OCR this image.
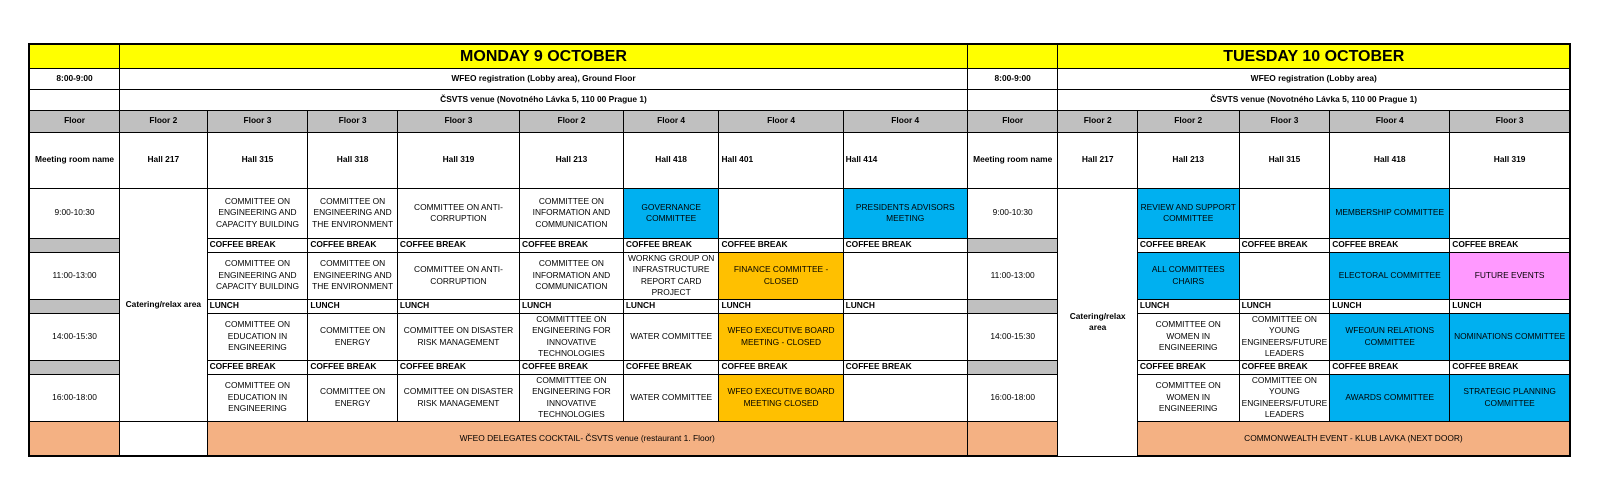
	MONDAY 9 OCTOBER									TUESDAY 10 OCTOBER				
8:00-9:00	WFEO registration (Lobby area), Ground Floor								8:00-9:00	WFEO registration (Lobby area)				
	ČSVTS venue (Novotného Lávka 5, 110 00 Prague 1)									ČSVTS venue (Novotného Lávka 5, 110 00 Prague 1)				
Floor	Floor 2	Floor 3	Floor 3	Floor 3	Floor 2	Floor 4	Floor 4	Floor 4	Floor	Floor 2	Floor 2	Floor 3	Floor 4	Floor 3
Meeting room name	Hall 217	Hall 315	Hall 318	Hall 319	Hall 213	Hall 418	Hall 401	Hall 414	Meeting room name	Hall 217	Hall 213	Hall 315	Hall 418	Hall 319
9:00-10:30	Catering/relax area	COMMITTEE ON ENGINEERING AND CAPACITY BUILDING	COMMITTEE ON ENGINEERING AND THE ENVIRONMENT	COMMITTEE ON ANTI-CORRUPTION	COMMITTEE ON INFORMATION AND COMMUNICATION	GOVERNANCE COMMITTEE		PRESIDENTS ADVISORS MEETING	9:00-10:30	Catering/relax area	REVIEW AND SUPPORT COMMITTEE		MEMBERSHIP COMMITTEE	
		COFFEE BREAK	COFFEE BREAK	COFFEE BREAK	COFFEE BREAK	COFFEE BREAK	COFFEE BREAK	COFFEE BREAK			COFFEE BREAK	COFFEE BREAK	COFFEE BREAK	COFFEE BREAK
11:00-13:00		COMMITTEE ON ENGINEERING AND CAPACITY BUILDING	COMMITTEE ON ENGINEERING AND THE ENVIRONMENT	COMMITTEE ON ANTI-CORRUPTION	COMMITTEE ON INFORMATION AND COMMUNICATION	WORKNG GROUP ON INFRASTRUCTURE REPORT CARD PROJECT	FINANCE COMMITTEE - CLOSED		11:00-13:00		ALL COMMITTEES CHAIRS		ELECTORAL COMMITTEE	FUTURE EVENTS
		LUNCH	LUNCH	LUNCH	LUNCH	LUNCH	LUNCH	LUNCH			LUNCH	LUNCH	LUNCH	LUNCH
14:00-15:30		COMMITTEE ON EDUCATION IN ENGINEERING	COMMITTEE ON ENERGY	COMMITTEE ON DISASTER RISK MANAGEMENT	COMMITTTEE ON ENGINEERING FOR INNOVATIVE TECHNOLOGIES	WATER COMMITTEE	WFEO EXECUTIVE BOARD MEETING - CLOSED		14:00-15:30		COMMITTEE ON WOMEN IN ENGINEERING	COMMITTEE ON YOUNG ENGINEERS/FUTURE LEADERS	WFEO/UN RELATIONS COMMITTEE	NOMINATIONS COMMITTEE
		COFFEE BREAK	COFFEE BREAK	COFFEE BREAK	COFFEE BREAK	COFFEE BREAK	COFFEE BREAK	COFFEE BREAK			COFFEE BREAK	COFFEE BREAK	COFFEE BREAK	COFFEE BREAK
16:00-18:00		COMMITTEE ON EDUCATION IN ENGINEERING	COMMITTEE ON ENERGY	COMMITTEE ON DISASTER RISK MANAGEMENT	COMMITTTEE ON ENGINEERING FOR INNOVATIVE TECHNOLOGIES	WATER COMMITTEE	WFEO EXECUTIVE BOARD MEETING CLOSED		16:00-18:00		COMMITTEE ON WOMEN IN ENGINEERING	COMMITTEE ON YOUNG ENGINEERS/FUTURE LEADERS	AWARDS COMMITTEE	STRATEGIC PLANNING COMMITTEE
		WFEO DELEGATES COCKTAIL- ČSVTS venue (restaurant 1. Floor)									COMMONWEALTH EVENT - KLUB LAVKA (NEXT DOOR)			
